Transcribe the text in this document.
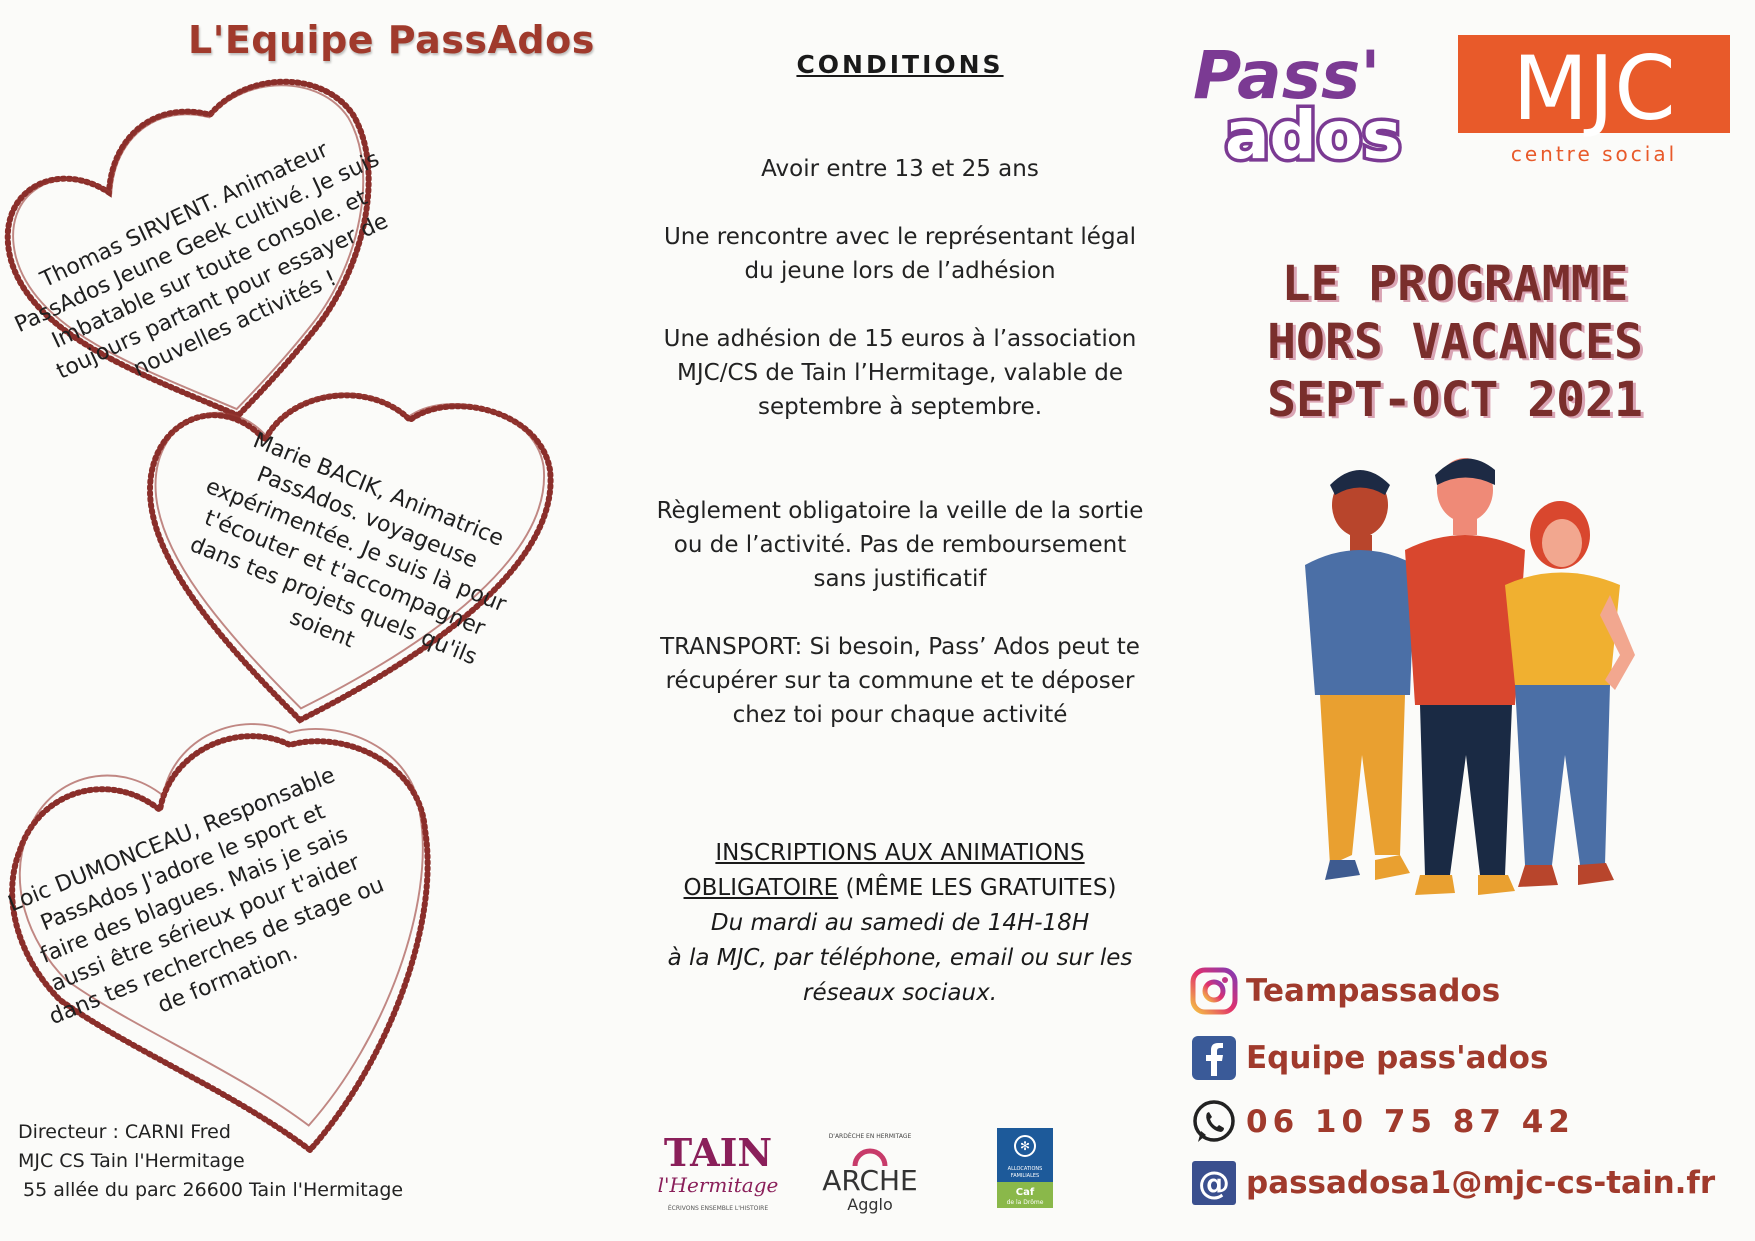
L'Equipe PassAdos
Thomas SIRVENT. Animateur PassAdos Jeune Geek cultivé. Je suis Imbatable sur toute console. et toujours partant pour essayer de nouvelles activités !
Marie BACIK, Animatrice PassAdos. voyageuse expérimentée. Je suis là pour t'écouter et t'accompagner dans tes projets quels qu'ils soient
Loic DUMONCEAU, Responsable PassAdos J'adore le sport et faire des blagues. Mais je sais aussi être sérieux pour t'aider dans tes recherches de stage ou de formation.
Directeur : CARNI Fred
MJC CS Tain l'Hermitage
55 allée du parc 26600 Tain l'Hermitage
CONDITIONS
Avoir entre 13 et 25 ans
Une rencontre avec le représentant légal du jeune lors de l’adhésion
Une adhésion de 15 euros à l’association MJC/CS de Tain l’Hermitage, valable de septembre à septembre.
Règlement obligatoire la veille de la sortie ou de l’activité. Pas de remboursement sans justificatif
TRANSPORT: Si besoin, Pass’ Ados peut te récupérer sur ta commune et te déposer chez toi pour chaque activité
INSCRIPTIONS AUX ANIMATIONS
OBLIGATOIRE (MÊME LES GRATUITES)
Du mardi au samedi de 14H-18H
à la MJC, par téléphone, email ou sur les réseaux sociaux.
TAIN
l'Hermitage
ÉCRIVONS ENSEMBLE L'HISTOIRE
D'ARDÈCHE EN HERMITAGE
ARCHE
Agglo
✻
ALLOCATIONS
FAMILIALES
Caf
de la Drôme
Pass'
ados MJC
centre social
LE PROGRAMME
HORS VACANCES
SEPT-OCT 2021
Teampassados
Equipe pass'ados
06 10 75 87 42
@ passadosa1@mjc-cs-tain.fr
